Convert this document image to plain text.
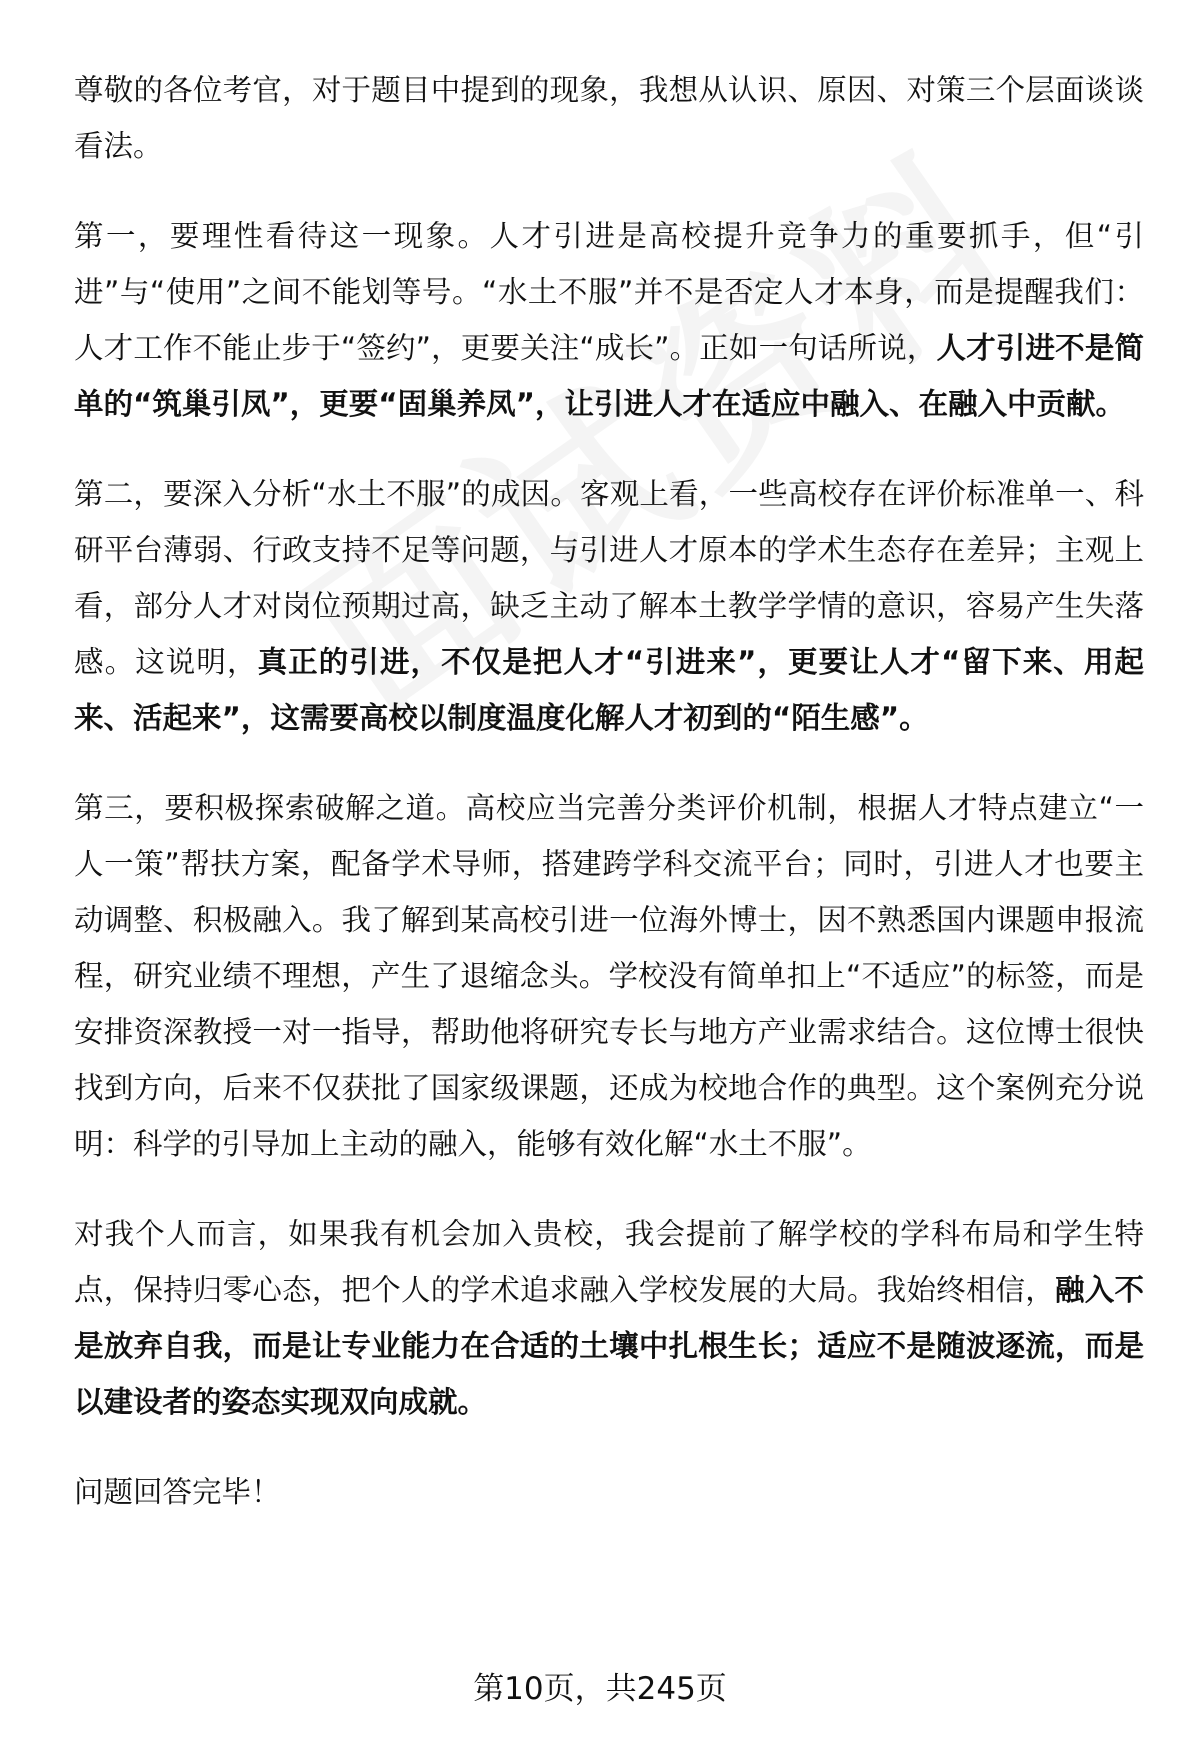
尊敬的各位考官，对于题目中提到的现象，我想从认识、原因、对策三个层面谈谈看法。

第一，要理性看待这一现象。人才引进是高校提升竞争力的重要抓手，但“引进”与“使用”之间不能划等号。“水土不服”并不是否定人才本身，而是提醒我们：人才工作不能止步于“签约”，更要关注“成长”。正如一句话所说，人才引进不是简单的“筑巢引凤”，更要“固巢养凤”，让引进人才在适应中融入、在融入中贡献。

第二，要深入分析“水土不服”的成因。客观上看，一些高校存在评价标准单一、科研平台薄弱、行政支持不足等问题，与引进人才原本的学术生态存在差异；主观上看，部分人才对岗位预期过高，缺乏主动了解本土教学学情的意识，容易产生失落感。这说明，真正的引进，不仅是把人才“引进来”，更要让人才“留下来、用起来、活起来”，这需要高校以制度温度化解人才初到的“陌生感”。

第三，要积极探索破解之道。高校应当完善分类评价机制，根据人才特点建立“一人一策”帮扶方案，配备学术导师，搭建跨学科交流平台；同时，引进人才也要主动调整、积极融入。我了解到某高校引进一位海外博士，因不熟悉国内课题申报流程，研究业绩不理想，产生了退缩念头。学校没有简单扣上“不适应”的标签，而是安排资深教授一对一指导，帮助他将研究专长与地方产业需求结合。这位博士很快找到方向，后来不仅获批了国家级课题，还成为校地合作的典型。这个案例充分说明：科学的引导加上主动的融入，能够有效化解“水土不服”。

对我个人而言，如果我有机会加入贵校，我会提前了解学校的学科布局和学生特点，保持归零心态，把个人的学术追求融入学校发展的大局。我始终相信，融入不是放弃自我，而是让专业能力在合适的土壤中扎根生长；适应不是随波逐流，而是以建设者的姿态实现双向成就。

问题回答完毕！

第10页，共245页
